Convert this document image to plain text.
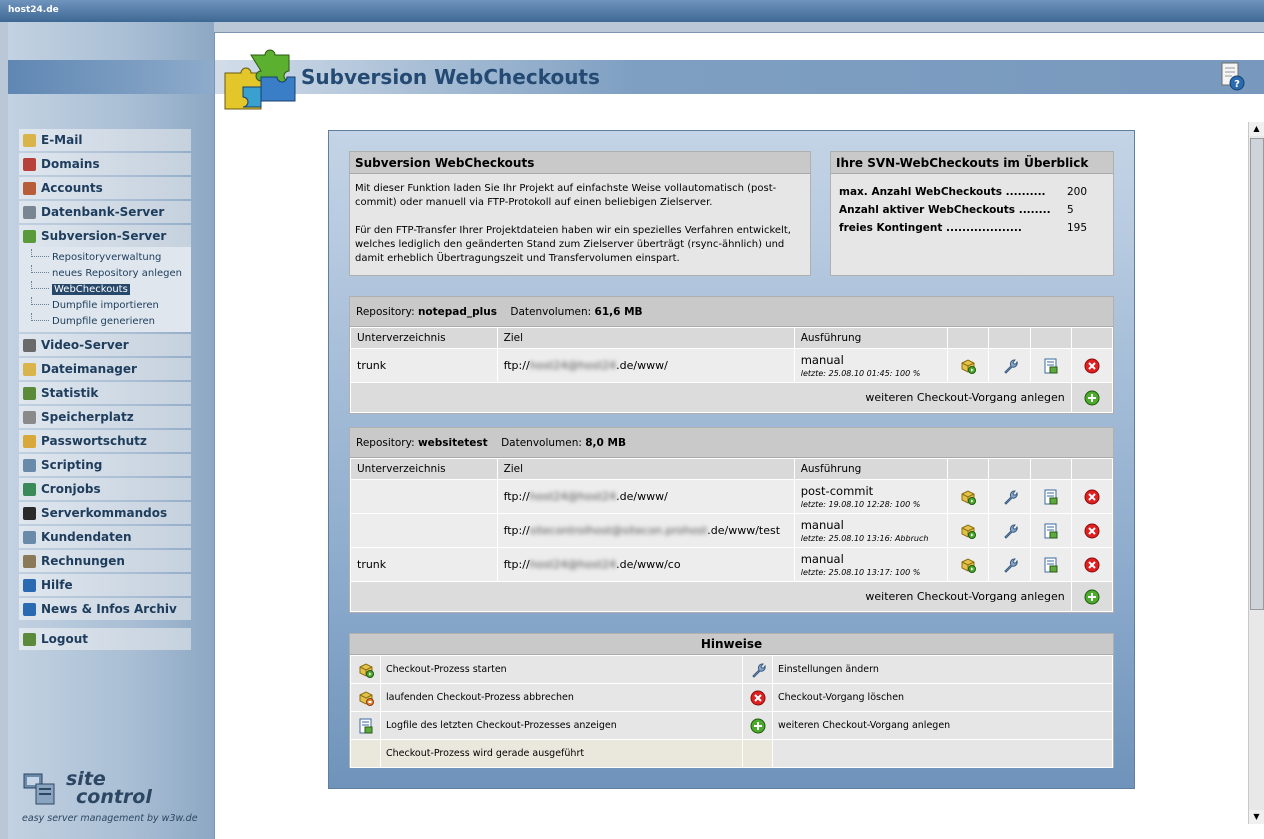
host24.de
E-Mail
Domains
Accounts
Datenbank-Server
Subversion-Server
Repositoryverwaltung
neues Repository anlegen
WebCheckouts
Dumpfile importieren
Dumpfile generieren
Video-Server
Dateimanager
Statistik
Speicherplatz
Passwortschutz
Scripting
Cronjobs
Serverkommandos
Kundendaten
Rechnungen
Hilfe
News & Infos Archiv
Logout
site
control
easy server management by w3w.de
Subversion WebCheckouts	?
▲
▼
Subversion WebCheckouts

Mit dieser Funktion laden Sie Ihr Projekt auf einfachste Weise vollautomatisch (post-commit) oder manuell via FTP-Protokoll auf einen beliebigen Zielserver.

Für den FTP-Transfer Ihrer Projektdateien haben wir ein spezielles Verfahren entwickelt, welches lediglich den geänderten Stand zum Zielserver überträgt (rsync-ähnlich) und damit erheblich Übertragungszeit und Transfervolumen einspart.

Ihre SVN-WebCheckouts im Überblick
max. Anzahl WebCheckouts ..........	200
Anzahl aktiver WebCheckouts ........	5
freies Kontingent ...................	195
Repository: notepad_plus Datenvolumen: 61,6 MB
Unterverzeichnis	Ziel	Ausführung				
trunk	ftp://host24@host24.de/www/	manual
letzte: 25.08.10 01:45: 100 %

weiteren Checkout-Vorgang anlegen	
Repository: websitetest Datenvolumen: 8,0 MB
Unterverzeichnis	Ziel	Ausführung				
	ftp://host24@host24.de/www/	post-commit
letzte: 19.08.10 12:28: 100 %

	ftp://sitecontrolhost@sitecon.prohost.de/www/test	manual
letzte: 25.08.10 13:16: Abbruch

trunk	ftp://host24@host24.de/www/co	manual
letzte: 25.08.10 13:17: 100 %

weiteren Checkout-Vorgang anlegen	
Hinweise
	Checkout-Prozess starten		Einstellungen ändern
	laufenden Checkout-Prozess abbrechen		Checkout-Vorgang löschen
	Logfile des letzten Checkout-Prozesses anzeigen		weiteren Checkout-Vorgang anlegen
	Checkout-Prozess wird gerade ausgeführt		
